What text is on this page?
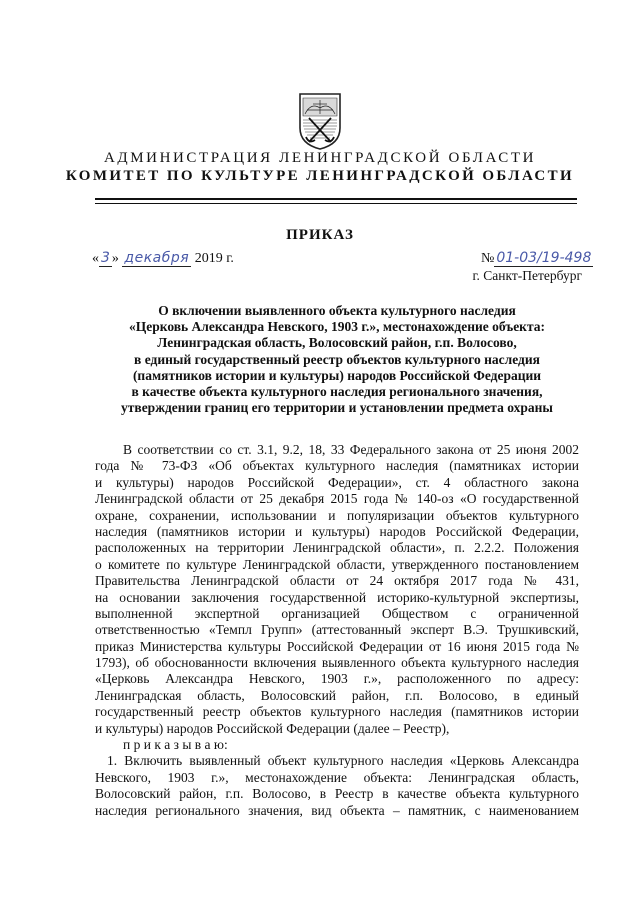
АДМИНИСТРАЦИЯ ЛЕНИНГРАДСКОЙ ОБЛАСТИ
КОМИТЕТ ПО КУЛЬТУРЕ ЛЕНИНГРАДСКОЙ ОБЛАСТИ
ПРИКАЗ
« 3 » декабря 2019 г.	№ 01-03/19-498
г. Санкт-Петербург
О включении выявленного объекта культурного наследия
«Церковь Александра Невского, 1903 г.», местонахождение объекта:
Ленинградская область, Волосовский район, г.п. Волосово,
в единый государственный реестр объектов культурного наследия
(памятников истории и культуры) народов Российской Федерации
в качестве объекта культурного наследия регионального значения,
утверждении границ его территории и установлении предмета охраны
В соответствии со ст. 3.1, 9.2, 18, 33 Федерального закона от 25 июня 2002
года № 73-ФЗ «Об объектах культурного наследия (памятниках истории
и культуры) народов Российской Федерации», ст. 4 областного закона
Ленинградской области от 25 декабря 2015 года № 140-оз «О государственной
охране, сохранении, использовании и популяризации объектов культурного
наследия (памятников истории и культуры) народов Российской Федерации,
расположенных на территории Ленинградской области», п. 2.2.2. Положения
о комитете по культуре Ленинградской области, утвержденного постановлением
Правительства Ленинградской области от 24 октября 2017 года № 431,
на основании заключения государственной историко-культурной экспертизы,
выполненной экспертной организацией Обществом с ограниченной
ответственностью «Темпл Групп» (аттестованный эксперт В.Э. Трушкивский,
приказ Министерства культуры Российской Федерации от 16 июня 2015 года №
1793), об обоснованности включения выявленного объекта культурного наследия
«Церковь Александра Невского, 1903 г.», расположенного по адресу:
Ленинградская область, Волосовский район, г.п. Волосово, в единый
государственный реестр объектов культурного наследия (памятников истории
и культуры) народов Российской Федерации (далее – Реестр),
п р и к а з ы в а ю:
1. Включить выявленный объект культурного наследия «Церковь Александра
Невского, 1903 г.», местонахождение объекта: Ленинградская область,
Волосовский район, г.п. Волосово, в Реестр в качестве объекта культурного
наследия регионального значения, вид объекта – памятник, с наименованием
